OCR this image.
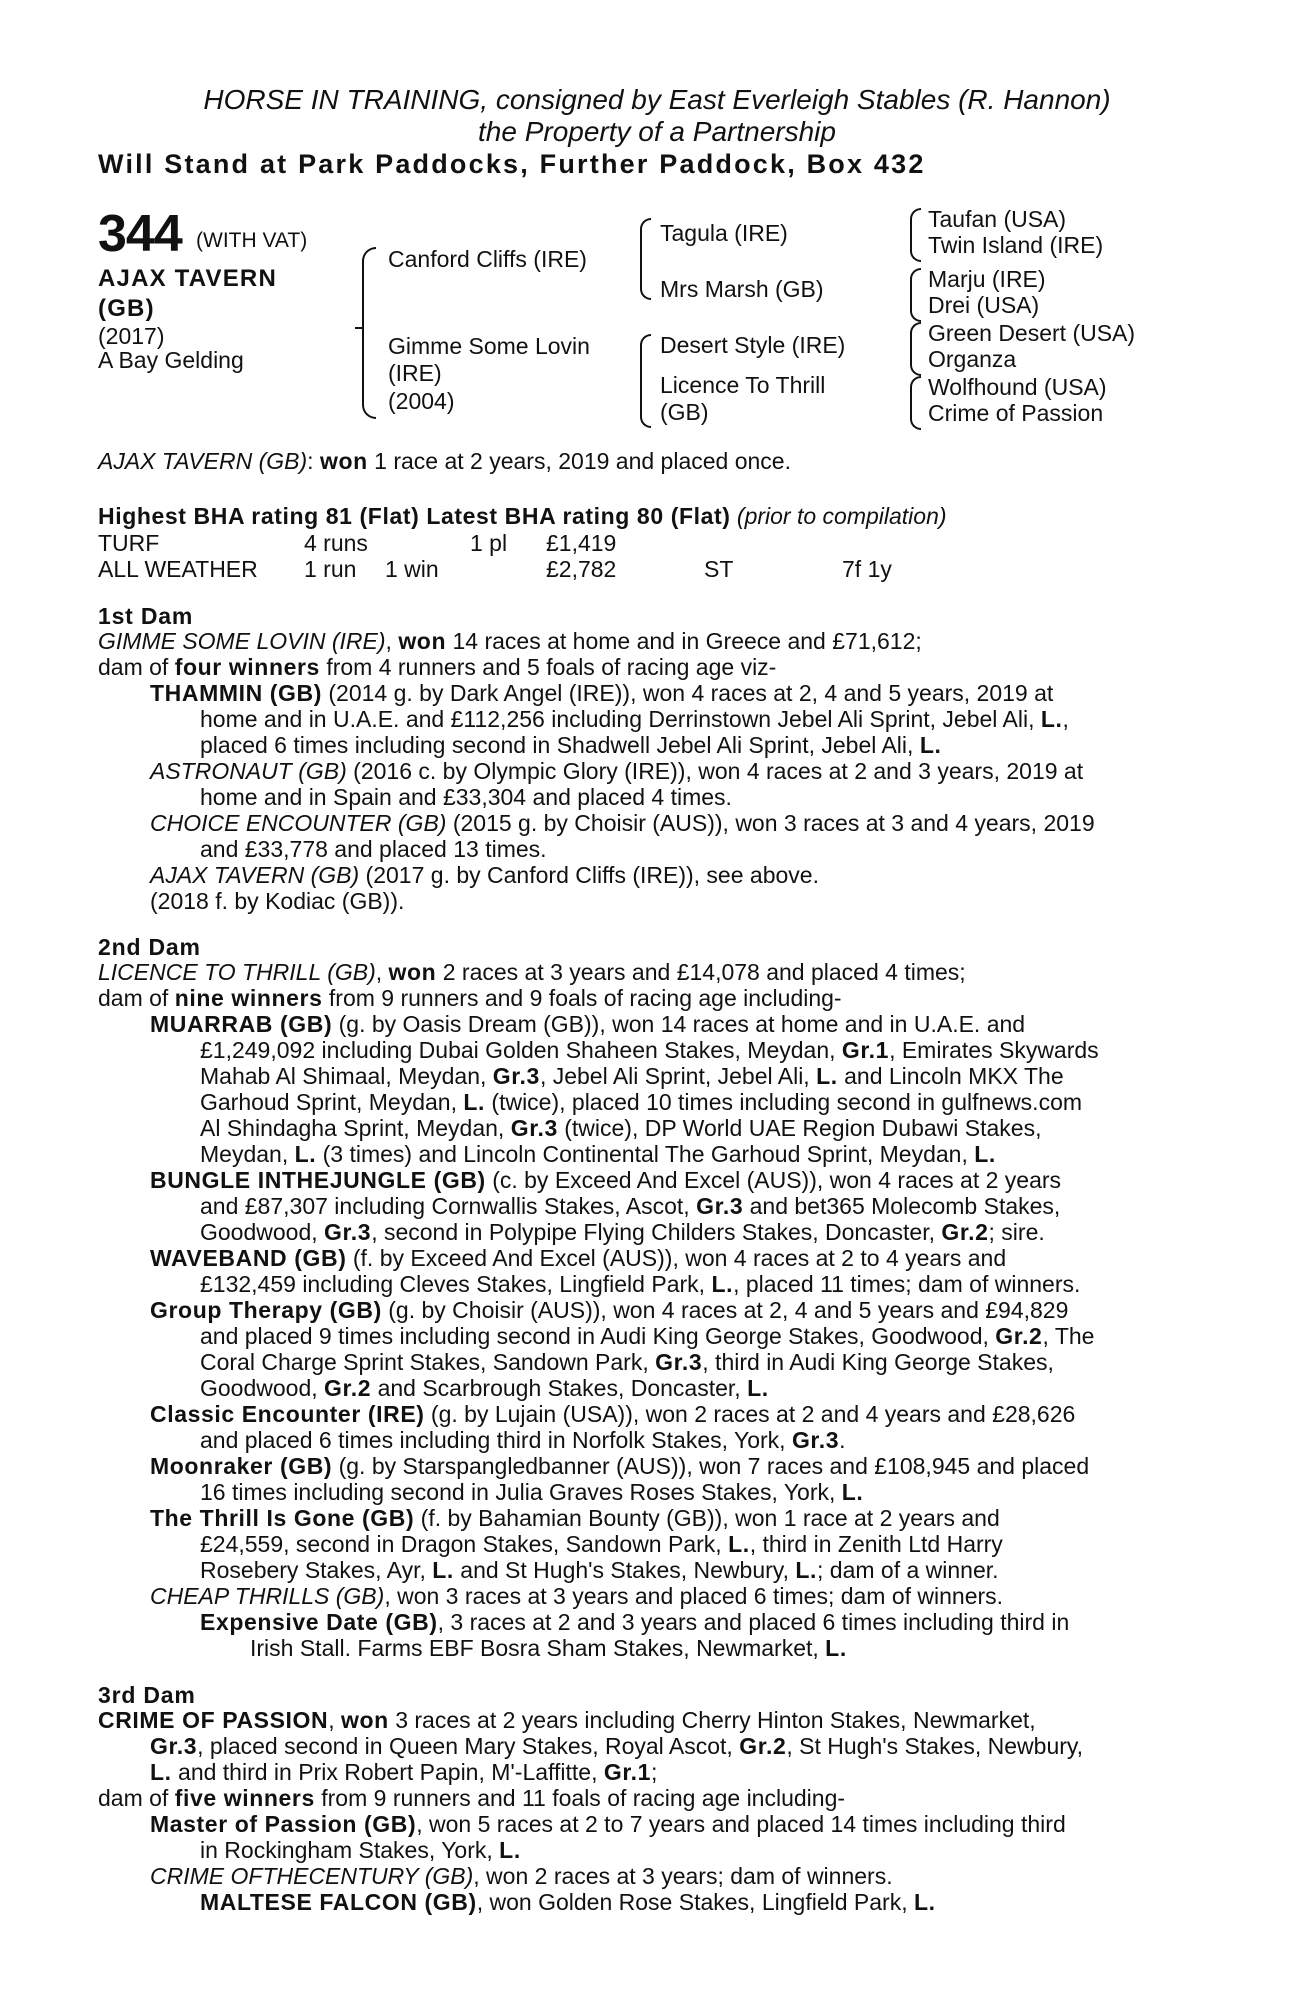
HORSE IN TRAINING, consigned by East Everleigh Stables (R. Hannon)
the Property of a Partnership
Will Stand at Park Paddocks, Further Paddock, Box 432
344 (WITH VAT)
AJAX TAVERN
(GB)
(2017)
A Bay Gelding
Canford Cliffs (IRE)
Gimme Some Lovin
(IRE)
(2004)
Tagula (IRE)
Mrs Marsh (GB)
Desert Style (IRE)
Licence To Thrill
(GB)
Taufan (USA)
Twin Island (IRE)
Marju (IRE)
Drei (USA)
Green Desert (USA)
Organza
Wolfhound (USA)
Crime of Passion
AJAX TAVERN (GB): won 1 race at 2 years, 2019 and placed once.
Highest BHA rating 81 (Flat) Latest BHA rating 80 (Flat) (prior to compilation)
TURF	4 runs	1 pl £1,419
ALL WEATHER 1 run 1 win	£2,782	ST	7f 1y
1st Dam
GIMME SOME LOVIN (IRE), won 14 races at home and in Greece and £71,612;
dam of four winners from 4 runners and 5 foals of racing age viz-
THAMMIN (GB) (2014 g. by Dark Angel (IRE)), won 4 races at 2, 4 and 5 years, 2019 at
home and in U.A.E. and £112,256 including Derrinstown Jebel Ali Sprint, Jebel Ali, L.,
placed 6 times including second in Shadwell Jebel Ali Sprint, Jebel Ali, L.
ASTRONAUT (GB) (2016 c. by Olympic Glory (IRE)), won 4 races at 2 and 3 years, 2019 at
home and in Spain and £33,304 and placed 4 times.
CHOICE ENCOUNTER (GB) (2015 g. by Choisir (AUS)), won 3 races at 3 and 4 years, 2019
and £33,778 and placed 13 times.
AJAX TAVERN (GB) (2017 g. by Canford Cliffs (IRE)), see above.
(2018 f. by Kodiac (GB)).
2nd Dam
LICENCE TO THRILL (GB), won 2 races at 3 years and £14,078 and placed 4 times;
dam of nine winners from 9 runners and 9 foals of racing age including-
MUARRAB (GB) (g. by Oasis Dream (GB)), won 14 races at home and in U.A.E. and
£1,249,092 including Dubai Golden Shaheen Stakes, Meydan, Gr.1, Emirates Skywards
Mahab Al Shimaal, Meydan, Gr.3, Jebel Ali Sprint, Jebel Ali, L. and Lincoln MKX The
Garhoud Sprint, Meydan, L. (twice), placed 10 times including second in gulfnews.com
Al Shindagha Sprint, Meydan, Gr.3 (twice), DP World UAE Region Dubawi Stakes,
Meydan, L. (3 times) and Lincoln Continental The Garhoud Sprint, Meydan, L.
BUNGLE INTHEJUNGLE (GB) (c. by Exceed And Excel (AUS)), won 4 races at 2 years
and £87,307 including Cornwallis Stakes, Ascot, Gr.3 and bet365 Molecomb Stakes,
Goodwood, Gr.3, second in Polypipe Flying Childers Stakes, Doncaster, Gr.2; sire.
WAVEBAND (GB) (f. by Exceed And Excel (AUS)), won 4 races at 2 to 4 years and
£132,459 including Cleves Stakes, Lingfield Park, L., placed 11 times; dam of winners.
Group Therapy (GB) (g. by Choisir (AUS)), won 4 races at 2, 4 and 5 years and £94,829
and placed 9 times including second in Audi King George Stakes, Goodwood, Gr.2, The
Coral Charge Sprint Stakes, Sandown Park, Gr.3, third in Audi King George Stakes,
Goodwood, Gr.2 and Scarbrough Stakes, Doncaster, L.
Classic Encounter (IRE) (g. by Lujain (USA)), won 2 races at 2 and 4 years and £28,626
and placed 6 times including third in Norfolk Stakes, York, Gr.3.
Moonraker (GB) (g. by Starspangledbanner (AUS)), won 7 races and £108,945 and placed
16 times including second in Julia Graves Roses Stakes, York, L.
The Thrill Is Gone (GB) (f. by Bahamian Bounty (GB)), won 1 race at 2 years and
£24,559, second in Dragon Stakes, Sandown Park, L., third in Zenith Ltd Harry
Rosebery Stakes, Ayr, L. and St Hugh's Stakes, Newbury, L.; dam of a winner.
CHEAP THRILLS (GB), won 3 races at 3 years and placed 6 times; dam of winners.
Expensive Date (GB), 3 races at 2 and 3 years and placed 6 times including third in
Irish Stall. Farms EBF Bosra Sham Stakes, Newmarket, L.
3rd Dam
CRIME OF PASSION, won 3 races at 2 years including Cherry Hinton Stakes, Newmarket,
Gr.3, placed second in Queen Mary Stakes, Royal Ascot, Gr.2, St Hugh's Stakes, Newbury,
L. and third in Prix Robert Papin, M'-Laffitte, Gr.1;
dam of five winners from 9 runners and 11 foals of racing age including-
Master of Passion (GB), won 5 races at 2 to 7 years and placed 14 times including third
in Rockingham Stakes, York, L.
CRIME OFTHECENTURY (GB), won 2 races at 3 years; dam of winners.
MALTESE FALCON (GB), won Golden Rose Stakes, Lingfield Park, L.
